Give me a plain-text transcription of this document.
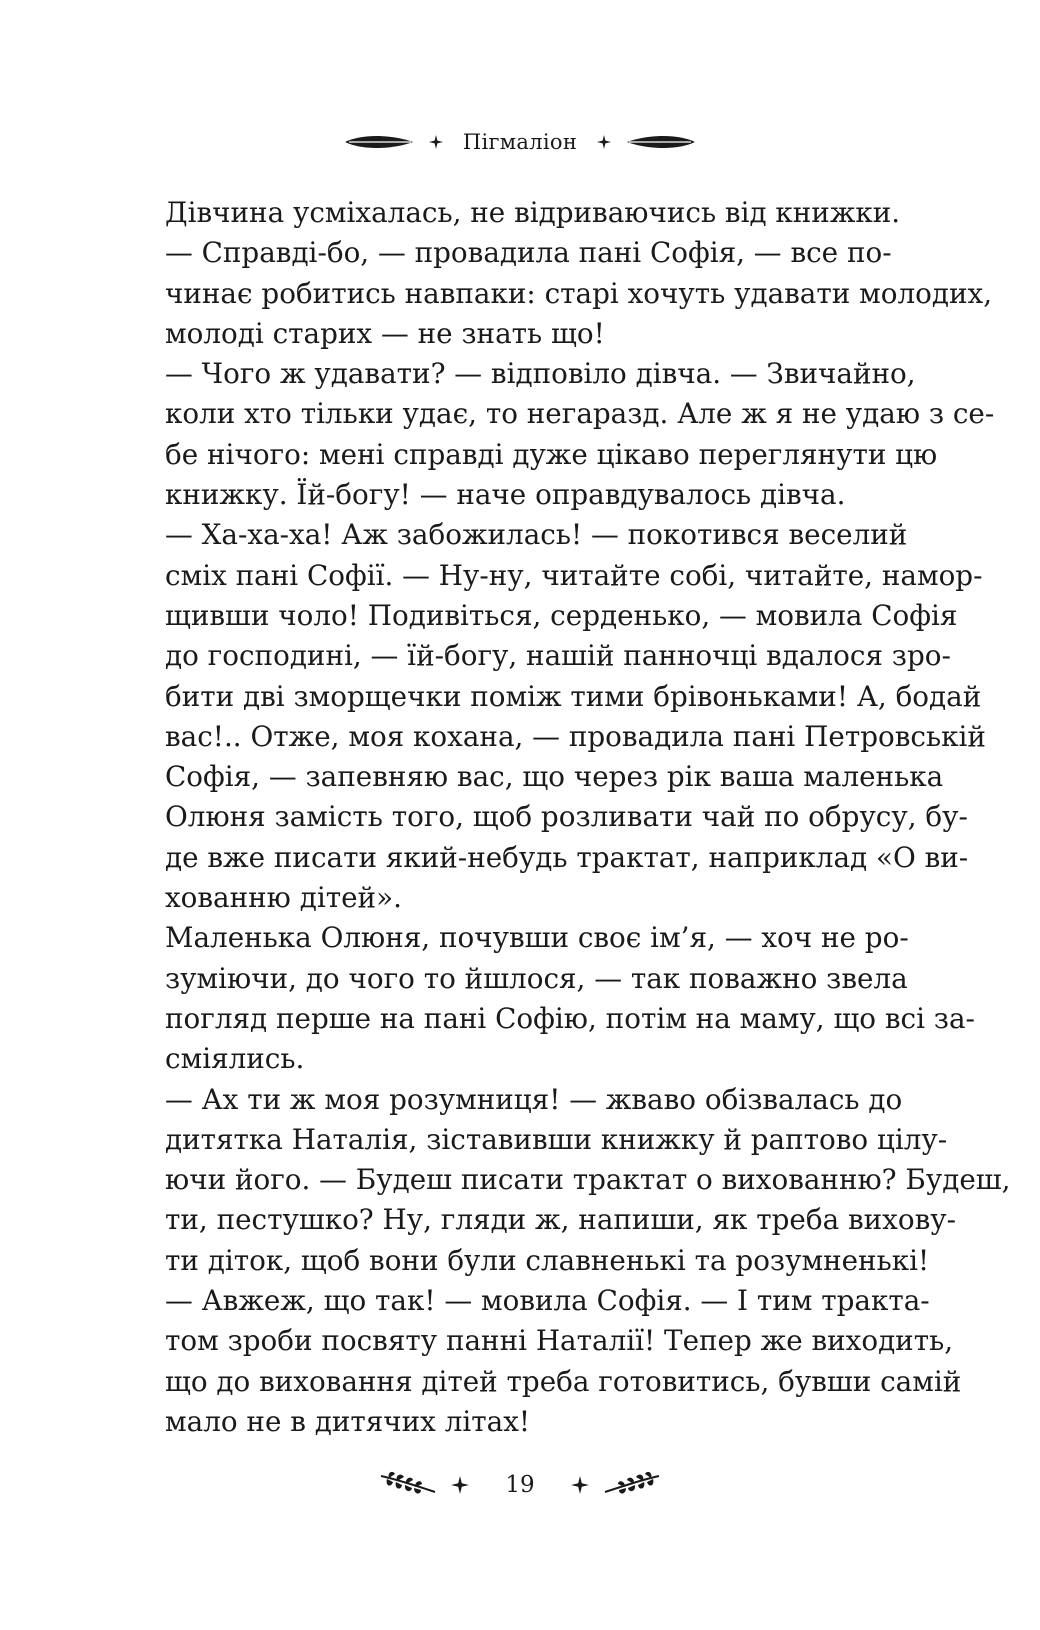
Пігмаліон
Дівчина усміхалась, не відриваючись від книжки.
— Справді-бо, — провадила пані Софія, — все по-
чинає робитись навпаки: старі хочуть удавати молодих,
молоді старих — не знать що!
— Чого ж удавати? — відповіло дівча. — Звичайно,
коли хто тільки удає, то негаразд. Але ж я не удаю з се-
бе нічого: мені справді дуже цікаво переглянути цю
книжку. Їй-богу! — наче оправдувалось дівча.
— Ха-ха-ха! Аж забожилась! — покотився веселий
сміх пані Софії. — Ну-ну, читайте собі, читайте, намор-
щивши чоло! Подивіться, серденько, — мовила Софія
до господині, — їй-богу, нашій панночці вдалося зро-
бити дві зморщечки поміж тими брівоньками! А, бодай
вас!.. Отже, моя кохана, — провадила пані Петровській
Софія, — запевняю вас, що через рік ваша маленька
Олюня замість того, щоб розливати чай по обрусу, бу-
де вже писати який-небудь трактат, наприклад «О ви-
хованню дітей».
Маленька Олюня, почувши своє ім’я, — хоч не ро-
зуміючи, до чого то йшлося, — так поважно звела
погляд перше на пані Софію, потім на маму, що всі за-
сміялись.
— Ах ти ж моя розумниця! — жваво обізвалась до
дитятка Наталія, зіставивши книжку й раптово цілу-
ючи його. — Будеш писати трактат о вихованню? Будеш,
ти, пестушко? Ну, гляди ж, напиши, як треба вихову-
ти діток, щоб вони були славненькі та розумненькі!
— Авжеж, що так! — мовила Софія. — І тим тракта-
том зроби посвяту панні Наталії! Тепер же виходить,
що до виховання дітей треба готовитись, бувши самій
мало не в дитячих літах!
19
